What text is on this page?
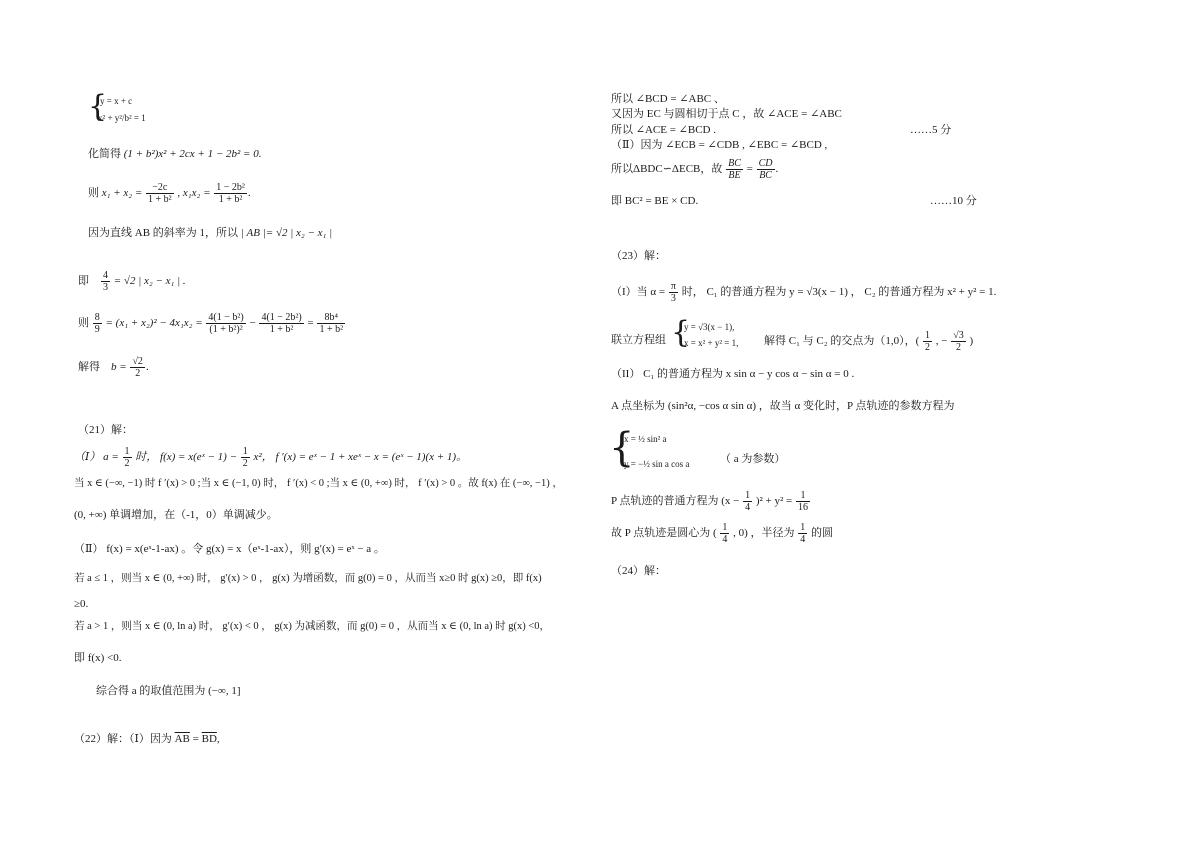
{
y = x + c
x² + y²/b² = 1
化简得 (1 + b²)x² + 2cx + 1 − 2b² = 0.
则 $x_1 + x_2 = \frac{-2c}{\text{1 + b²}}$ , $x_1x_2 = \frac{\text{1 − 2b²}}{\text{1 + b²}}$ .
因为直线 AB 的斜率为 1，所以 | AB |= √2 | x₂ − x₁ |
即 $\frac{4}{3} = √2$ | x₂ − x₁ | .
则 $\frac{8}{9} = (x_1 + x_2)^2 - 4x_1x_2 = \frac{\text{4(1 − b²)}}{\text{(1 + b²)²}} - \frac{\text{4(1 − 2b²)}}{\text{1 + b²}} = \frac{\text{8b⁴}}{\text{1 + b²}}$
解得 $b = \frac{√2}{2}$ .
（21）解：
（Ⅰ） $a = \frac{1}{2}$ 时， f(x) = x(eˣ − $1) - \frac{1}{2} x^2$， f ′(x) = eˣ − 1 + xeˣ − x = (eˣ − 1)(x + 1)。
当 x ∈ (−∞, −1) 时 f ′(x) > 0 ;当 x ∈ (−1, 0) 时， f ′(x) < 0 ;当 x ∈ (0, +∞) 时， f ′(x) > 0 。故 f(x) 在 (−∞, −1) ，
(0, +∞) 单调增加，在（-1，0）单调减少。
（Ⅱ） f(x) = x(eˣ-1-ax) 。令 g(x) = x（eˣ-1-ax），则 g′(x) = eˣ − a 。
若 a ≤ 1 ，则当 x ∈ (0, +∞) 时， g′(x) > 0 ， g(x) 为增函数，而 g(0) = 0 ，从而当 x≥0 时 g(x) ≥0，即 f(x)
≥0.
若 a > 1 ，则当 x ∈ (0, ln a) 时， g′(x) < 0 ， g(x) 为减函数，而 g(0) = 0 ，从而当 x ∈ (0, ln a) 时 g(x) <0，
即 f(x) <0.
综合得 a 的取值范围为 (−∞, 1]
（22）解：（Ⅰ）因为 $\overline{AB} = \overline{BD}$,
所以 ∠BCD = ∠ABC 、
又因为 EC 与圆相切于点 C ，故 ∠ACE = ∠ABC
所以 ∠ACE = ∠BCD .	……5 分
（Ⅱ）因为 ∠ECB = ∠CDB , ∠EBC = ∠BCD ,
所以ΔBDC∽ΔECB，故 $\frac{BC}{BE} = \frac{CD}{BC}$ .
即 BC² = BE × CD.	……10 分
（23）解：
（I）当 $\alpha = \frac{\pi}{3}$ 时， C₁ 的普通方程为 y = √3(x − 1) ， C₂ 的普通方程为 x² + y² = 1.
联立方程组 {
y = √3(x − 1),
x = x² + y² = 1, 解得 C₁ 与 C₂ 的交点为（1,0），( $\frac{1}{2}$ , − $\frac{√3}{2}$ )
（II） C₁ 的普通方程为 x sin α − y cos α − sin α = 0 .
A 点坐标为 (sin²α, −cos α sin α) ，故当 α 变化时，P 点轨迹的参数方程为
{
x = ½ sin² a
y = −½ sin a cos a	（ a 为参数）
P 点轨迹的普通方程为 $(x - \frac{1}{4} )^2 + y^2 = \frac{1}{16}$
故 P 点轨迹是圆心为 ( $\frac{1}{4}$ , 0) ，半径为 $\frac{1}{4}$ 的圆
（24）解：
